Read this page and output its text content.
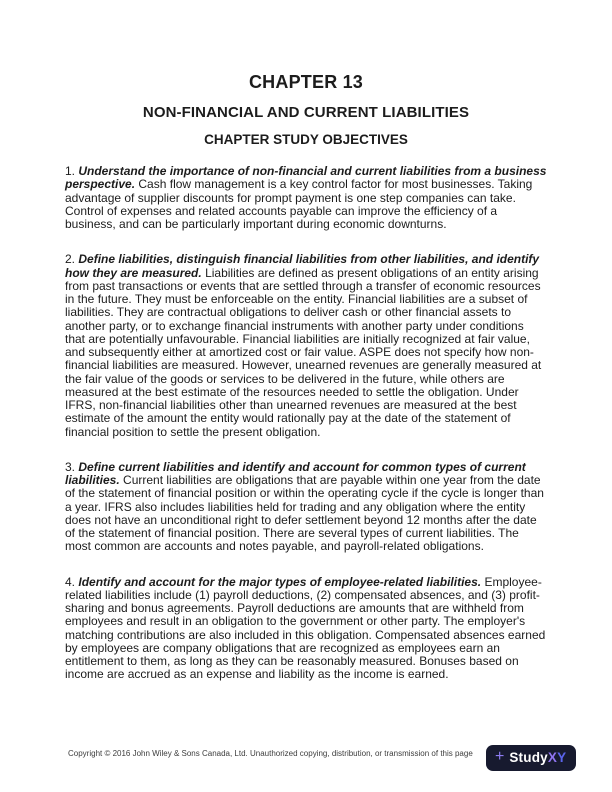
CHAPTER 13
NON-FINANCIAL AND CURRENT LIABILITIES
CHAPTER STUDY OBJECTIVES

1. Understand the importance of non-financial and current liabilities from a business perspective. Cash flow management is a key control factor for most businesses. Taking advantage of supplier discounts for prompt payment is one step companies can take. Control of expenses and related accounts payable can improve the efficiency of a business, and can be particularly important during economic downturns.

2. Define liabilities, distinguish financial liabilities from other liabilities, and identify how they are measured. Liabilities are defined as present obligations of an entity arising from past transactions or events that are settled through a transfer of economic resources in the future. They must be enforceable on the entity. Financial liabilities are a subset of liabilities. They are contractual obligations to deliver cash or other financial assets to another party, or to exchange financial instruments with another party under conditions that are potentially unfavourable. Financial liabilities are initially recognized at fair value, and subsequently either at amortized cost or fair value. ASPE does not specify how non-financial liabilities are measured. However, unearned revenues are generally measured at the fair value of the goods or services to be delivered in the future, while others are measured at the best estimate of the resources needed to settle the obligation. Under IFRS, non-financial liabilities other than unearned revenues are measured at the best estimate of the amount the entity would rationally pay at the date of the statement of financial position to settle the present obligation.

3. Define current liabilities and identify and account for common types of current liabilities. Current liabilities are obligations that are payable within one year from the date of the statement of financial position or within the operating cycle if the cycle is longer than a year. IFRS also includes liabilities held for trading and any obligation where the entity does not have an unconditional right to defer settlement beyond 12 months after the date of the statement of financial position. There are several types of current liabilities. The most common are accounts and notes payable, and payroll-related obligations.

4. Identify and account for the major types of employee-related liabilities. Employee-related liabilities include (1) payroll deductions, (2) compensated absences, and (3) profit-sharing and bonus agreements. Payroll deductions are amounts that are withheld from employees and result in an obligation to the government or other party. The employer's matching contributions are also included in this obligation. Compensated absences earned by employees are company obligations that are recognized as employees earn an entitlement to them, as long as they can be reasonably measured. Bonuses based on income are accrued as an expense and liability as the income is earned.

Copyright © 2016 John Wiley & Sons Canada, Ltd. Unauthorized copying, distribution, or transmission of this page	+ StudyXY
